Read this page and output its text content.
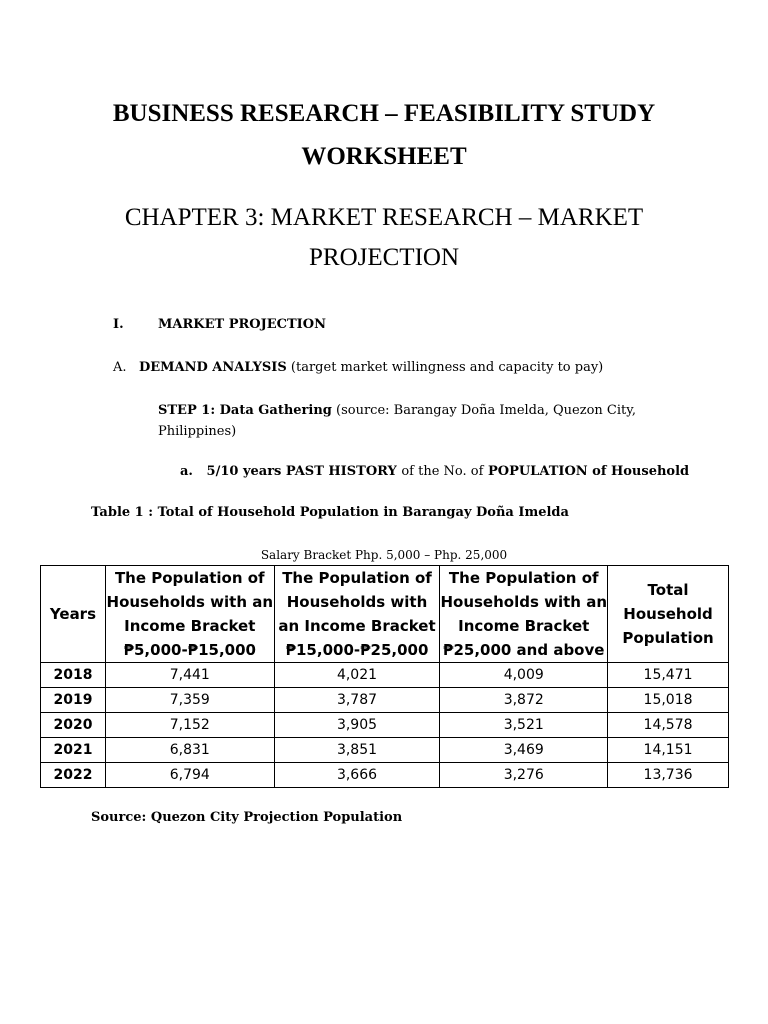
BUSINESS RESEARCH – FEASIBILITY STUDY
WORKSHEET
CHAPTER 3: MARKET RESEARCH – MARKET
PROJECTION
I.	MARKET PROJECTION
A. DEMAND ANALYSIS (target market willingness and capacity to pay)
STEP 1: Data Gathering (source: Barangay Doña Imelda, Quezon City, Philippines)
a. 5/10 years PAST HISTORY of the No. of POPULATION of Household
Table 1 : Total of Household Population in Barangay Doña Imelda
Salary Bracket Php. 5,000 – Php. 25,000
Years	The Population of Households with an Income Bracket ₱5,000-₱15,000	The Population of Households with an Income Bracket ₱15,000-₱25,000	The Population of Households with an Income Bracket ₱25,000 and above	Total Household Population
2018	7,441	4,021	4,009	15,471
2019	7,359	3,787	3,872	15,018
2020	7,152	3,905	3,521	14,578
2021	6,831	3,851	3,469	14,151
2022	6,794	3,666	3,276	13,736
Source: Quezon City Projection Population
